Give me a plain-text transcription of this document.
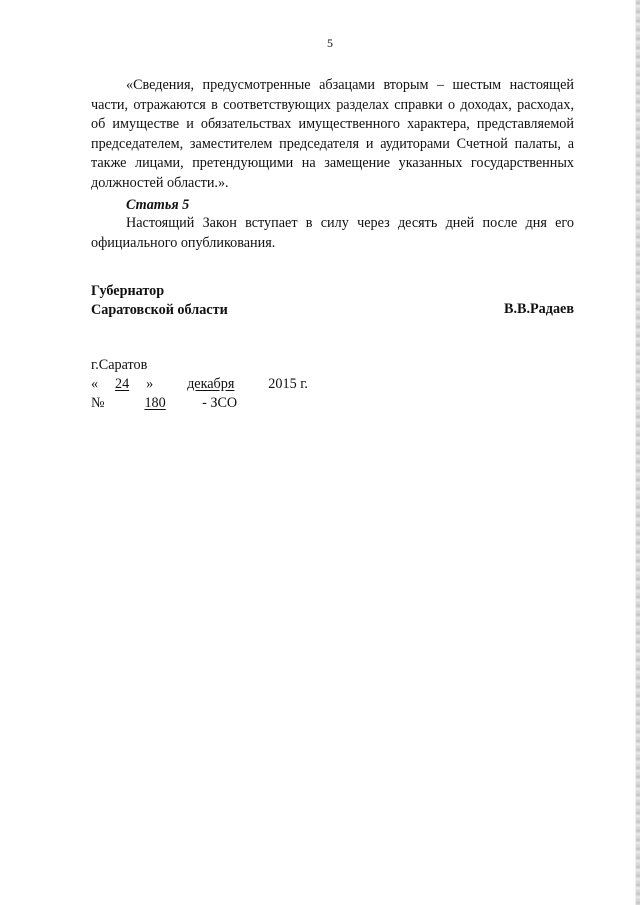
5

«Сведения, предусмотренные абзацами вторым – шестым настоящей части, отражаются в соответствующих разделах справки о доходах, расходах, об имуществе и обязательствах имущественного характера, представляемой председателем, заместителем председателя и аудиторами Счетной палаты, а также лицами, претендующими на замещение указанных государственных должностей области.».

Статья 5

Настоящий Закон вступает в силу через десять дней после дня его официального опубликования.

Губернатор
Саратовской области	В.В.Радаев
г.Саратов
« 24 » декабря 2015 г.
№	180	- ЗСО
